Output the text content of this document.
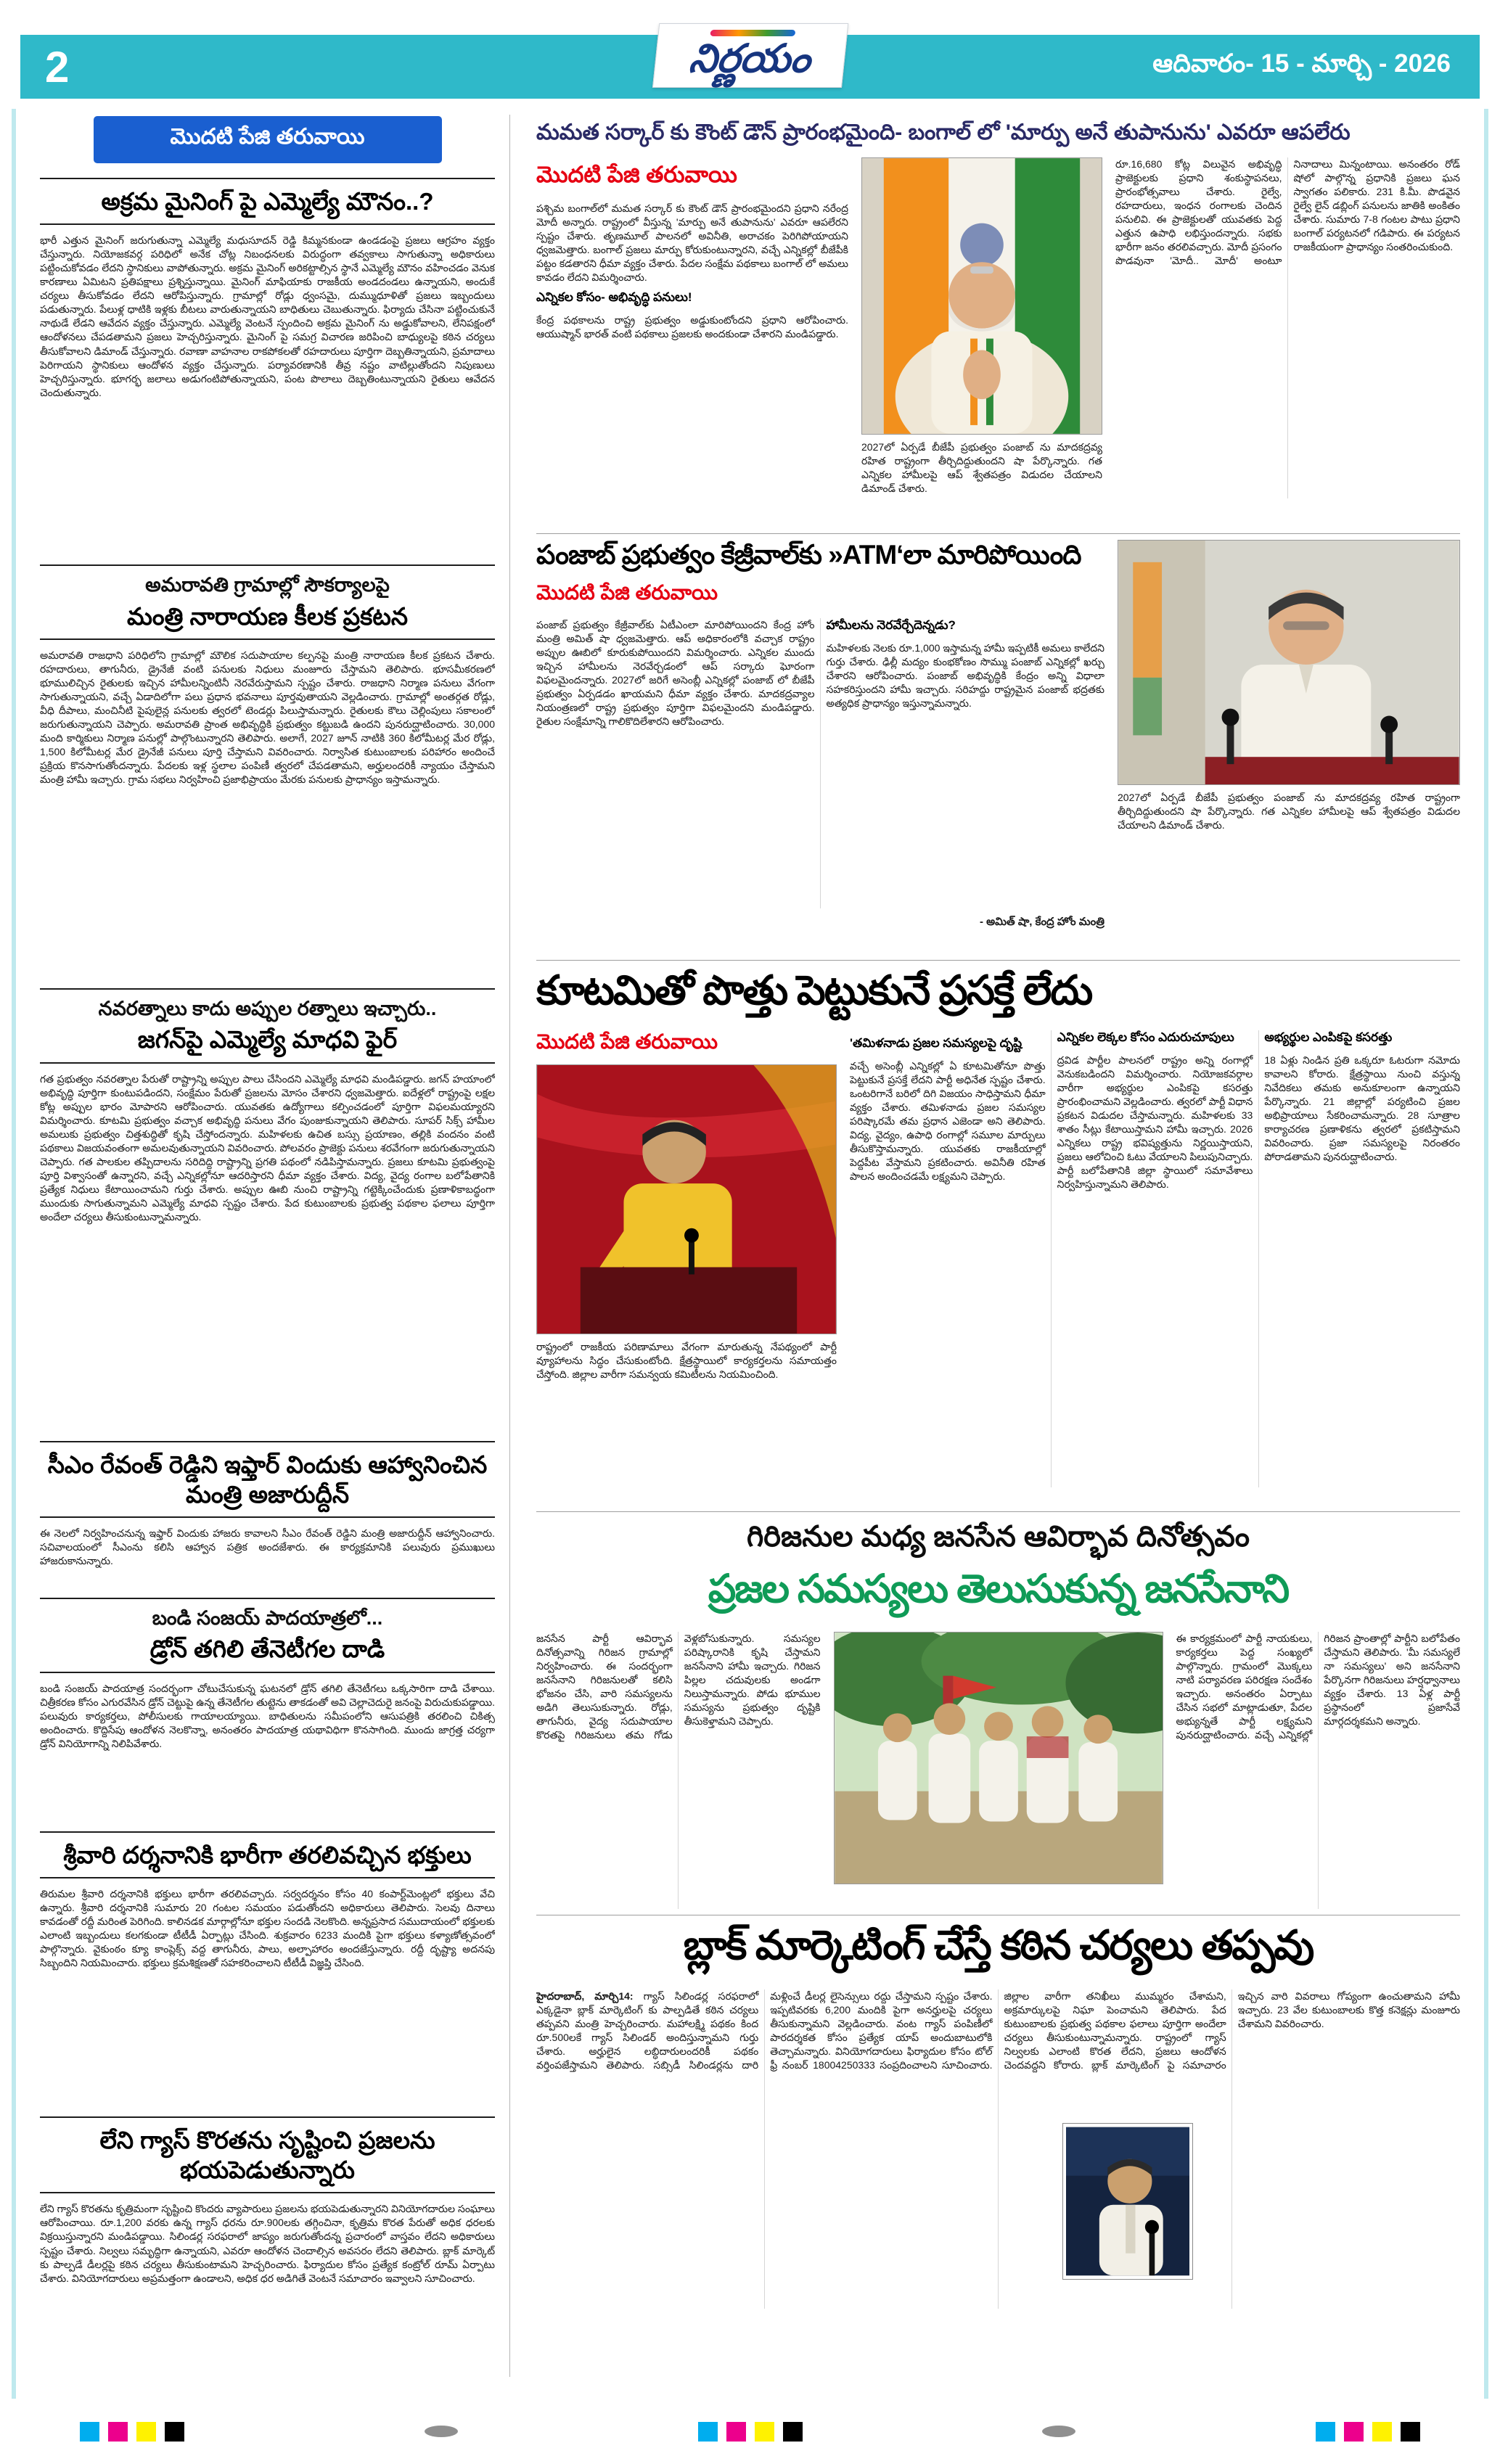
2	నిర్ణయం	ఆదివారం- 15 - మార్చి - 2026
మొదటి పేజి తరువాయి
అక్రమ మైనింగ్ పై ఎమ్మెల్యే మౌనం..?

భారీ ఎత్తున మైనింగ్ జరుగుతున్నా ఎమ్మెల్యే మధుసూదన్ రెడ్డి కిమ్మనకుండా ఉండడంపై ప్రజలు ఆగ్రహం వ్యక్తం చేస్తున్నారు. నియోజకవర్గ పరిధిలో అనేక చోట్ల నిబంధనలకు విరుద్ధంగా తవ్వకాలు సాగుతున్నా అధికారులు పట్టించుకోవడం లేదని స్థానికులు వాపోతున్నారు. అక్రమ మైనింగ్ అరికట్టాల్సిన స్థానే ఎమ్మెల్యే మౌనం వహించడం వెనుక కారణాలు ఏమిటని ప్రతిపక్షాలు ప్రశ్నిస్తున్నాయి. మైనింగ్ మాఫియాకు రాజకీయ అండదండలు ఉన్నాయని, అందుకే చర్యలు తీసుకోవడం లేదని ఆరోపిస్తున్నారు. గ్రామాల్లో రోడ్లు ధ్వంసమై, దుమ్ముధూళితో ప్రజలు ఇబ్బందులు పడుతున్నారు. పేలుళ్ల ధాటికి ఇళ్లకు బీటలు వారుతున్నాయని బాధితులు చెబుతున్నారు. ఫిర్యాదు చేసినా పట్టించుకునే నాథుడే లేడని ఆవేదన వ్యక్తం చేస్తున్నారు. ఎమ్మెల్యే వెంటనే స్పందించి అక్రమ మైనింగ్ ను అడ్డుకోవాలని, లేనిపక్షంలో ఆందోళనలు చేపడతామని ప్రజలు హెచ్చరిస్తున్నారు. మైనింగ్ పై సమగ్ర విచారణ జరిపించి బాధ్యులపై కఠిన చర్యలు తీసుకోవాలని డిమాండ్ చేస్తున్నారు. రవాణా వాహనాల రాకపోకలతో రహదారులు పూర్తిగా దెబ్బతిన్నాయని, ప్రమాదాలు పెరిగాయని స్థానికులు ఆందోళన వ్యక్తం చేస్తున్నారు. పర్యావరణానికి తీవ్ర నష్టం వాటిల్లుతోందని నిపుణులు హెచ్చరిస్తున్నారు. భూగర్భ జలాలు అడుగంటిపోతున్నాయని, పంట పొలాలు దెబ్బతింటున్నాయని రైతులు ఆవేదన చెందుతున్నారు.

అమరావతి గ్రామాల్లో సౌకర్యాలపై
మంత్రి నారాయణ కీలక ప్రకటన

అమరావతి రాజధాని పరిధిలోని గ్రామాల్లో మౌలిక సదుపాయాల కల్పనపై మంత్రి నారాయణ కీలక ప్రకటన చేశారు. రహదారులు, తాగునీరు, డ్రైనేజీ వంటి పనులకు నిధులు మంజూరు చేస్తామని తెలిపారు. భూసమీకరణలో భూములిచ్చిన రైతులకు ఇచ్చిన హామీలన్నింటినీ నెరవేరుస్తామని స్పష్టం చేశారు. రాజధాని నిర్మాణ పనులు వేగంగా సాగుతున్నాయని, వచ్చే ఏడాదిలోగా పలు ప్రధాన భవనాలు పూర్తవుతాయని వెల్లడించారు. గ్రామాల్లో అంతర్గత రోడ్లు, వీధి దీపాలు, మంచినీటి పైపులైన్ల పనులకు త్వరలో టెండర్లు పిలుస్తామన్నారు. రైతులకు కౌలు చెల్లింపులు సకాలంలో జరుగుతున్నాయని చెప్పారు. అమరావతి ప్రాంత అభివృద్ధికి ప్రభుత్వం కట్టుబడి ఉందని పునరుద్ఘాటించారు. 30,000 మంది కార్మికులు నిర్మాణ పనుల్లో పాల్గొంటున్నారని తెలిపారు. అలాగే, 2027 జూన్ నాటికి 360 కిలోమీటర్ల మేర రోడ్లు, 1,500 కిలోమీటర్ల మేర డ్రైనేజీ పనులు పూర్తి చేస్తామని వివరించారు. నిర్వాసిత కుటుంబాలకు పరిహారం అందించే ప్రక్రియ కొనసాగుతోందన్నారు. పేదలకు ఇళ్ల స్థలాల పంపిణీ త్వరలో చేపడతామని, అర్హులందరికీ న్యాయం చేస్తామని మంత్రి హామీ ఇచ్చారు. గ్రామ సభలు నిర్వహించి ప్రజాభిప్రాయం మేరకు పనులకు ప్రాధాన్యం ఇస్తామన్నారు.

నవరత్నాలు కాదు అప్పుల రత్నాలు ఇచ్చారు..
జగన్‌పై ఎమ్మెల్యే మాధవి ఫైర్

గత ప్రభుత్వం నవరత్నాల పేరుతో రాష్ట్రాన్ని అప్పుల పాలు చేసిందని ఎమ్మెల్యే మాధవి మండిపడ్డారు. జగన్ హయాంలో అభివృద్ధి పూర్తిగా కుంటుపడిందని, సంక్షేమం పేరుతో ప్రజలను మోసం చేశారని ధ్వజమెత్తారు. ఐదేళ్లలో రాష్ట్రంపై లక్షల కోట్ల అప్పుల భారం మోపారని ఆరోపించారు. యువతకు ఉద్యోగాలు కల్పించడంలో పూర్తిగా విఫలమయ్యారని విమర్శించారు. కూటమి ప్రభుత్వం వచ్చాక అభివృద్ధి పనులు వేగం పుంజుకున్నాయని తెలిపారు. సూపర్ సిక్స్ హామీల అమలుకు ప్రభుత్వం చిత్తశుద్ధితో కృషి చేస్తోందన్నారు. మహిళలకు ఉచిత బస్సు ప్రయాణం, తల్లికి వందనం వంటి పథకాలు విజయవంతంగా అమలవుతున్నాయని వివరించారు. పోలవరం ప్రాజెక్టు పనులు శరవేగంగా జరుగుతున్నాయని చెప్పారు. గత పాలకుల తప్పిదాలను సరిదిద్ది రాష్ట్రాన్ని ప్రగతి పథంలో నడిపిస్తామన్నారు. ప్రజలు కూటమి ప్రభుత్వంపై పూర్తి విశ్వాసంతో ఉన్నారని, వచ్చే ఎన్నికల్లోనూ ఆదరిస్తారని ధీమా వ్యక్తం చేశారు. విద్య, వైద్య రంగాల బలోపేతానికి ప్రత్యేక నిధులు కేటాయించామని గుర్తు చేశారు. అప్పుల ఊబి నుంచి రాష్ట్రాన్ని గట్టెక్కించేందుకు ప్రణాళికాబద్ధంగా ముందుకు సాగుతున్నామని ఎమ్మెల్యే మాధవి స్పష్టం చేశారు. పేద కుటుంబాలకు ప్రభుత్వ పథకాల ఫలాలు పూర్తిగా అందేలా చర్యలు తీసుకుంటున్నామన్నారు.

సీఎం రేవంత్ రెడ్డిని ఇఫ్తార్ విందుకు ఆహ్వానించిన మంత్రి అజారుద్దీన్

ఈ నెలలో నిర్వహించనున్న ఇఫ్తార్ విందుకు హాజరు కావాలని సీఎం రేవంత్ రెడ్డిని మంత్రి అజారుద్దీన్ ఆహ్వానించారు. సచివాలయంలో సీఎంను కలిసి ఆహ్వాన పత్రిక అందజేశారు. ఈ కార్యక్రమానికి పలువురు ప్రముఖులు హాజరుకానున్నారు.

బండి సంజయ్ పాదయాత్రలో...
డ్రోన్ తగిలి తేనెటీగల దాడి

బండి సంజయ్ పాదయాత్ర సందర్భంగా చోటుచేసుకున్న ఘటనలో డ్రోన్ తగిలి తేనెటీగలు ఒక్కసారిగా దాడి చేశాయి. చిత్రీకరణ కోసం ఎగురవేసిన డ్రోన్ చెట్టుపై ఉన్న తేనెటీగల తుట్టెను తాకడంతో అవి చెల్లాచెదురై జనంపై విరుచుకుపడ్డాయి. పలువురు కార్యకర్తలు, పోలీసులకు గాయాలయ్యాయి. బాధితులను సమీపంలోని ఆసుపత్రికి తరలించి చికిత్స అందించారు. కొద్దిసేపు ఆందోళన నెలకొన్నా, అనంతరం పాదయాత్ర యథావిధిగా కొనసాగింది. ముందు జాగ్రత్త చర్యగా డ్రోన్ వినియోగాన్ని నిలిపివేశారు.

శ్రీవారి దర్శనానికి భారీగా తరలివచ్చిన భక్తులు

తిరుమల శ్రీవారి దర్శనానికి భక్తులు భారీగా తరలివచ్చారు. సర్వదర్శనం కోసం 40 కంపార్ట్‌మెంట్లలో భక్తులు వేచి ఉన్నారు. శ్రీవారి దర్శనానికి సుమారు 20 గంటల సమయం పడుతోందని అధికారులు తెలిపారు. సెలవు దినాలు కావడంతో రద్దీ మరింత పెరిగింది. కాలినడక మార్గాల్లోనూ భక్తుల సందడి నెలకొంది. అన్నప్రసాద సముదాయంలో భక్తులకు ఎలాంటి ఇబ్బందులు కలగకుండా టీటీడీ ఏర్పాట్లు చేసింది. శుక్రవారం 6233 మందికి పైగా భక్తులు కళ్యాణోత్సవంలో పాల్గొన్నారు. వైకుంఠం క్యూ కాంప్లెక్స్ వద్ద తాగునీరు, పాలు, అల్పాహారం అందజేస్తున్నారు. రద్దీ దృష్ట్యా అదనపు సిబ్బందిని నియమించారు. భక్తులు క్రమశిక్షణతో సహకరించాలని టీటీడీ విజ్ఞప్తి చేసింది.

లేని గ్యాస్ కొరతను సృష్టించి ప్రజలను భయపెడుతున్నారు

లేని గ్యాస్ కొరతను కృత్రిమంగా సృష్టించి కొందరు వ్యాపారులు ప్రజలను భయపెడుతున్నారని వినియోగదారుల సంఘాలు ఆరోపించాయి. రూ.1,200 వరకు ఉన్న గ్యాస్ ధరను రూ.900లకు తగ్గించినా, కృత్రిమ కొరత పేరుతో అధిక ధరలకు విక్రయిస్తున్నారని మండిపడ్డాయి. సిలిండర్ల సరఫరాలో జాప్యం జరుగుతోందన్న ప్రచారంలో వాస్తవం లేదని అధికారులు స్పష్టం చేశారు. నిల్వలు సమృద్ధిగా ఉన్నాయని, ఎవరూ ఆందోళన చెందాల్సిన అవసరం లేదని తెలిపారు. బ్లాక్ మార్కెట్ కు పాల్పడే డీలర్లపై కఠిన చర్యలు తీసుకుంటామని హెచ్చరించారు. ఫిర్యాదుల కోసం ప్రత్యేక కంట్రోల్ రూమ్ ఏర్పాటు చేశారు. వినియోగదారులు అప్రమత్తంగా ఉండాలని, అధిక ధర అడిగితే వెంటనే సమాచారం ఇవ్వాలని సూచించారు.

మమత సర్కార్ కు కౌంట్ డౌన్ ప్రారంభమైంది- బంగాల్ లో 'మార్పు అనే తుపానును' ఎవరూ ఆపలేరు
మొదటి పేజి తరువాయి

పశ్చిమ బంగాల్‌లో మమత సర్కార్ కు కౌంట్ డౌన్ ప్రారంభమైందని ప్రధాని నరేంద్ర మోదీ అన్నారు. రాష్ట్రంలో వీస్తున్న 'మార్పు అనే తుపానును' ఎవరూ ఆపలేరని స్పష్టం చేశారు. తృణమూల్ పాలనలో అవినీతి, అరాచకం పెరిగిపోయాయని ధ్వజమెత్తారు. బంగాల్ ప్రజలు మార్పు కోరుకుంటున్నారని, వచ్చే ఎన్నికల్లో బీజేపీకి పట్టం కడతారని ధీమా వ్యక్తం చేశారు. పేదల సంక్షేమ పథకాలు బంగాల్ లో అమలు కావడం లేదని విమర్శించారు.

ఎన్నికల కోసం- అభివృద్ధి పనులు!

కేంద్ర పథకాలను రాష్ట్ర ప్రభుత్వం అడ్డుకుంటోందని ప్రధాని ఆరోపించారు. ఆయుష్మాన్ భారత్ వంటి పథకాలు ప్రజలకు అందకుండా చేశారని మండిపడ్డారు.

2027లో ఏర్పడే బీజేపీ ప్రభుత్వం పంజాబ్ ను మాదకద్రవ్య రహిత రాష్ట్రంగా తీర్చిదిద్దుతుందని షా పేర్కొన్నారు. గత ఎన్నికల హామీలపై ఆప్ శ్వేతపత్రం విడుదల చేయాలని డిమాండ్ చేశారు.

రూ.16,680 కోట్ల విలువైన అభివృద్ధి ప్రాజెక్టులకు ప్రధాని శంకుస్థాపనలు, ప్రారంభోత్సవాలు చేశారు. రైల్వే, రహదారులు, ఇంధన రంగాలకు చెందిన పనులివి. ఈ ప్రాజెక్టులతో యువతకు పెద్ద ఎత్తున ఉపాధి లభిస్తుందన్నారు. సభకు భారీగా జనం తరలివచ్చారు. మోదీ ప్రసంగం పొడవునా 'మోదీ.. మోదీ' అంటూ నినాదాలు మిన్నంటాయి. అనంతరం రోడ్ షోలో పాల్గొన్న ప్రధానికి ప్రజలు ఘన స్వాగతం పలికారు. 231 కి.మీ. పొడవైన రైల్వే లైన్ డబ్లింగ్ పనులను జాతికి అంకితం చేశారు. సుమారు 7-8 గంటల పాటు ప్రధాని బంగాల్ పర్యటనలో గడిపారు. ఈ పర్యటన రాజకీయంగా ప్రాధాన్యం సంతరించుకుంది.

పంజాబ్ ప్రభుత్వం కేజ్రీవాల్‌కు »ATM‘లా మారిపోయింది
మొదటి పేజి తరువాయి

పంజాబ్ ప్రభుత్వం కేజ్రీవాల్‌కు ఏటీఎంలా మారిపోయిందని కేంద్ర హోం మంత్రి అమిత్ షా ధ్వజమెత్తారు. ఆప్ అధికారంలోకి వచ్చాక రాష్ట్రం అప్పుల ఊబిలో కూరుకుపోయిందని విమర్శించారు. ఎన్నికల ముందు ఇచ్చిన హామీలను నెరవేర్చడంలో ఆప్ సర్కారు ఘోరంగా విఫలమైందన్నారు. 2027లో జరిగే అసెంబ్లీ ఎన్నికల్లో పంజాబ్ లో బీజేపీ ప్రభుత్వం ఏర్పడడం ఖాయమని ధీమా వ్యక్తం చేశారు. మాదకద్రవ్యాల నియంత్రణలో రాష్ట్ర ప్రభుత్వం పూర్తిగా విఫలమైందని మండిపడ్డారు. రైతుల సంక్షేమాన్ని గాలికొదిలేశారని ఆరోపించారు.

హామీలను నెరవేర్చేదెన్నడు?

మహిళలకు నెలకు రూ.1,000 ఇస్తామన్న హామీ ఇప్పటికీ అమలు కాలేదని గుర్తు చేశారు. ఢిల్లీ మద్యం కుంభకోణం సొమ్ము పంజాబ్ ఎన్నికల్లో ఖర్చు చేశారని ఆరోపించారు. పంజాబ్ అభివృద్ధికి కేంద్రం అన్ని విధాలా సహకరిస్తుందని హామీ ఇచ్చారు. సరిహద్దు రాష్ట్రమైన పంజాబ్ భద్రతకు అత్యధిక ప్రాధాన్యం ఇస్తున్నామన్నారు.

- అమిత్ షా, కేంద్ర హోం మంత్రి

2027లో ఏర్పడే బీజేపీ ప్రభుత్వం పంజాబ్ ను మాదకద్రవ్య రహిత రాష్ట్రంగా తీర్చిదిద్దుతుందని షా పేర్కొన్నారు. గత ఎన్నికల హామీలపై ఆప్ శ్వేతపత్రం విడుదల చేయాలని డిమాండ్ చేశారు.

కూటమితో పొత్తు పెట్టుకునే ప్రసక్తే లేదు
మొదటి పేజి తరువాయి

రాష్ట్రంలో రాజకీయ పరిణామాలు వేగంగా మారుతున్న నేపథ్యంలో పార్టీ వ్యూహాలను సిద్ధం చేసుకుంటోంది. క్షేత్రస్థాయిలో కార్యకర్తలను సమాయత్తం చేస్తోంది. జిల్లాల వారీగా సమన్వయ కమిటీలను నియమించింది.

'తమిళనాడు ప్రజల సమస్యలపై దృష్టి

వచ్చే అసెంబ్లీ ఎన్నికల్లో ఏ కూటమితోనూ పొత్తు పెట్టుకునే ప్రసక్తే లేదని పార్టీ అధినేత స్పష్టం చేశారు. ఒంటరిగానే బరిలో దిగి విజయం సాధిస్తామని ధీమా వ్యక్తం చేశారు. తమిళనాడు ప్రజల సమస్యల పరిష్కారమే తమ ప్రధాన ఎజెండా అని తెలిపారు. విద్య, వైద్యం, ఉపాధి రంగాల్లో సమూల మార్పులు తీసుకొస్తామన్నారు. యువతకు రాజకీయాల్లో పెద్దపీట వేస్తామని ప్రకటించారు. అవినీతి రహిత పాలన అందించడమే లక్ష్యమని చెప్పారు.

ఎన్నికల లెక్కల కోసం ఎదురుచూపులు

ద్రవిడ పార్టీల పాలనలో రాష్ట్రం అన్ని రంగాల్లో వెనుకబడిందని విమర్శించారు. నియోజకవర్గాల వారీగా అభ్యర్థుల ఎంపికపై కసరత్తు ప్రారంభించామని వెల్లడించారు. త్వరలో పార్టీ విధాన ప్రకటన విడుదల చేస్తామన్నారు. మహిళలకు 33 శాతం సీట్లు కేటాయిస్తామని హామీ ఇచ్చారు. 2026 ఎన్నికలు రాష్ట్ర భవిష్యత్తును నిర్ణయిస్తాయని, ప్రజలు ఆలోచించి ఓటు వేయాలని పిలుపునిచ్చారు. పార్టీ బలోపేతానికి జిల్లా స్థాయిలో సమావేశాలు నిర్వహిస్తున్నామని తెలిపారు.

అభ్యర్థుల ఎంపికపై కసరత్తు

18 ఏళ్లు నిండిన ప్రతి ఒక్కరూ ఓటరుగా నమోదు కావాలని కోరారు. క్షేత్రస్థాయి నుంచి వస్తున్న నివేదికలు తమకు అనుకూలంగా ఉన్నాయని పేర్కొన్నారు. 21 జిల్లాల్లో పర్యటించి ప్రజల అభిప్రాయాలు సేకరించామన్నారు. 28 సూత్రాల కార్యాచరణ ప్రణాళికను త్వరలో ప్రకటిస్తామని వివరించారు. ప్రజా సమస్యలపై నిరంతరం పోరాడతామని పునరుద్ఘాటించారు.

గిరిజనుల మధ్య జనసేన ఆవిర్భావ దినోత్సవం
ప్రజల సమస్యలు తెలుసుకున్న జనసేనాని

జనసేన పార్టీ ఆవిర్భావ దినోత్సవాన్ని గిరిజన గ్రామాల్లో నిర్వహించారు. ఈ సందర్భంగా జనసేనాని గిరిజనులతో కలిసి భోజనం చేసి, వారి సమస్యలను అడిగి తెలుసుకున్నారు. రోడ్లు, తాగునీరు, వైద్య సదుపాయాల కొరతపై గిరిజనులు తమ గోడు వెళ్లబోసుకున్నారు. సమస్యల పరిష్కారానికి కృషి చేస్తామని జనసేనాని హామీ ఇచ్చారు. గిరిజన పిల్లల చదువులకు అండగా నిలుస్తామన్నారు. పోడు భూముల సమస్యను ప్రభుత్వం దృష్టికి తీసుకెళ్తామని చెప్పారు.

ఈ కార్యక్రమంలో పార్టీ నాయకులు, కార్యకర్తలు పెద్ద సంఖ్యలో పాల్గొన్నారు. గ్రామంలో మొక్కలు నాటి పర్యావరణ పరిరక్షణ సందేశం ఇచ్చారు. అనంతరం ఏర్పాటు చేసిన సభలో మాట్లాడుతూ, పేదల అభ్యున్నతే పార్టీ లక్ష్యమని పునరుద్ఘాటించారు. వచ్చే ఎన్నికల్లో గిరిజన ప్రాంతాల్లో పార్టీని బలోపేతం చేస్తామని తెలిపారు. 'మీ సమస్యలే నా సమస్యలు' అని జనసేనాని పేర్కొనగా గిరిజనులు హర్షధ్వానాలు వ్యక్తం చేశారు. 13 ఏళ్ల పార్టీ ప్రస్థానంలో ప్రజాసేవే మార్గదర్శకమని అన్నారు.

బ్లాక్ మార్కెటింగ్ చేస్తే కఠిన చర్యలు తప్పవు

హైదరాబాద్, మార్చి14: గ్యాస్ సిలిండర్ల సరఫరాలో ఎక్కడైనా బ్లాక్ మార్కెటింగ్ కు పాల్పడితే కఠిన చర్యలు తప్పవని మంత్రి హెచ్చరించారు. మహాలక్ష్మి పథకం కింద రూ.500లకే గ్యాస్ సిలిండర్ అందిస్తున్నామని గుర్తు చేశారు. అర్హులైన లబ్ధిదారులందరికీ పథకం వర్తింపజేస్తామని తెలిపారు. సబ్సిడీ సిలిండర్లను దారి మళ్లించే డీలర్ల లైసెన్సులు రద్దు చేస్తామని స్పష్టం చేశారు. ఇప్పటివరకు 6,200 మందికి పైగా అనర్హులపై చర్యలు తీసుకున్నామని వెల్లడించారు. వంట గ్యాస్ పంపిణీలో పారదర్శకత కోసం ప్రత్యేక యాప్ అందుబాటులోకి తెచ్చామన్నారు. వినియోగదారులు ఫిర్యాదుల కోసం టోల్ ఫ్రీ నంబర్ 18004250333 సంప్రదించాలని సూచించారు. జిల్లాల వారీగా తనిఖీలు ముమ్మరం చేశామని, అక్రమార్కులపై నిఘా పెంచామని తెలిపారు. పేద కుటుంబాలకు ప్రభుత్వ పథకాల ఫలాలు పూర్తిగా అందేలా చర్యలు తీసుకుంటున్నామన్నారు. రాష్ట్రంలో గ్యాస్ నిల్వలకు ఎలాంటి కొరత లేదని, ప్రజలు ఆందోళన చెందవద్దని కోరారు. బ్లాక్ మార్కెటింగ్ పై సమాచారం ఇచ్చిన వారి వివరాలు గోప్యంగా ఉంచుతామని హామీ ఇచ్చారు. 23 వేల కుటుంబాలకు కొత్త కనెక్షన్లు మంజూరు చేశామని వివరించారు.
